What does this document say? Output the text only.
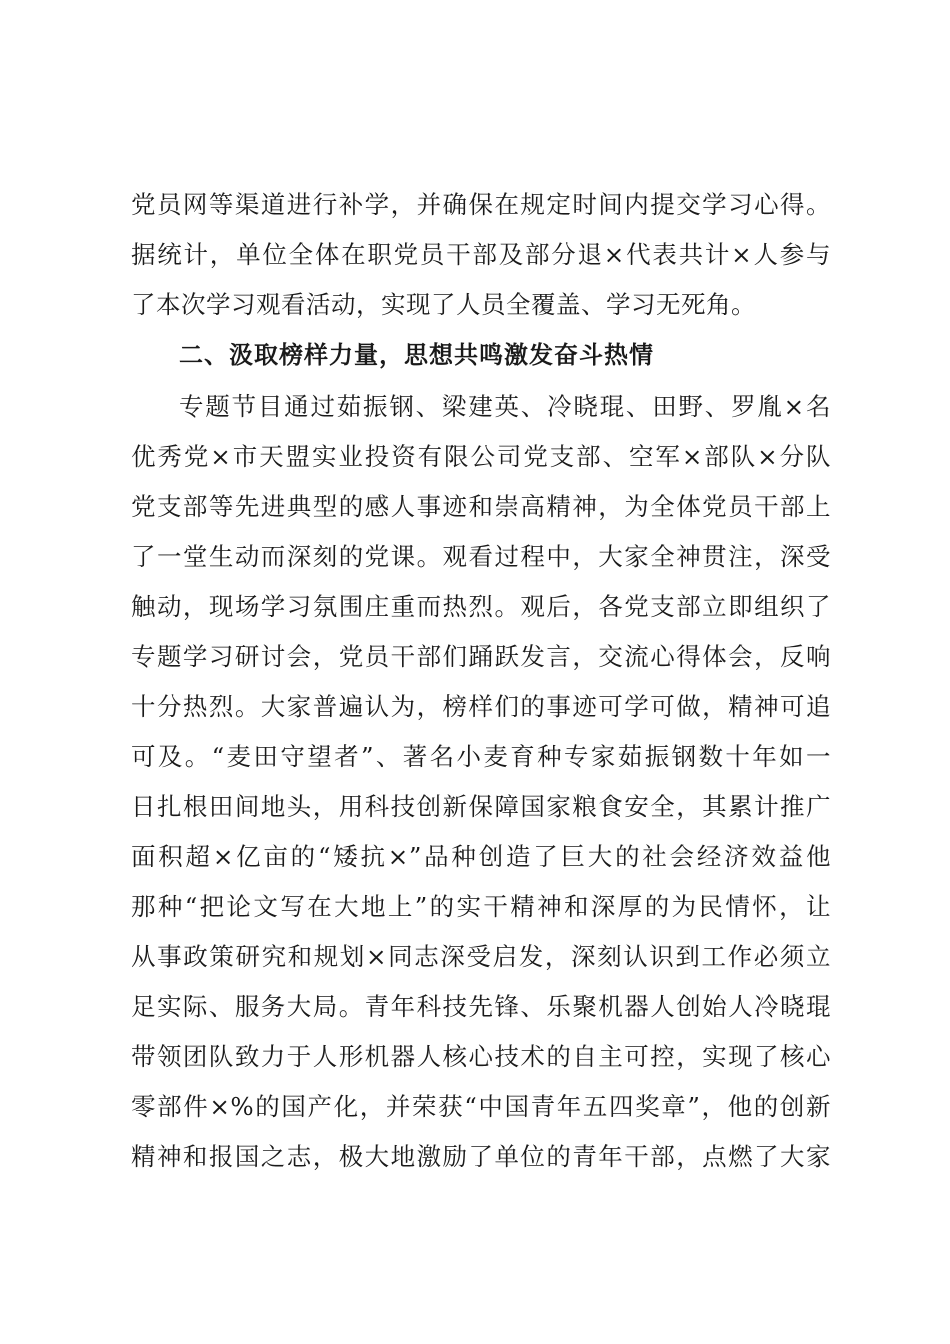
党员网等渠道进行补学，并确保在规定时间内提交学习心得。
据统计，单位全体在职党员干部及部分退×代表共计×人参与
了本次学习观看活动，实现了人员全覆盖、学习无死角。
二、汲取榜样力量，思想共鸣激发奋斗热情
专题节目通过茹振钢、梁建英、冷晓琨、田野、罗胤×名
优秀党×市天盟实业投资有限公司党支部、空军×部队×分队
党支部等先进典型的感人事迹和崇高精神，为全体党员干部上
了一堂生动而深刻的党课。观看过程中，大家全神贯注，深受
触动，现场学习氛围庄重而热烈。观后，各党支部立即组织了
专题学习研讨会，党员干部们踊跃发言，交流心得体会，反响
十分热烈。大家普遍认为，榜样们的事迹可学可做，精神可追
可及。“麦田守望者”、著名小麦育种专家茹振钢数十年如一
日扎根田间地头，用科技创新保障国家粮食安全，其累计推广
面积超×亿亩的“矮抗×”品种创造了巨大的社会经济效益他
那种“把论文写在大地上”的实干精神和深厚的为民情怀，让
从事政策研究和规划×同志深受启发，深刻认识到工作必须立
足实际、服务大局。青年科技先锋、乐聚机器人创始人冷晓琨
带领团队致力于人形机器人核心技术的自主可控，实现了核心
零部件×%的国产化，并荣获“中国青年五四奖章”，他的创新
精神和报国之志，极大地激励了单位的青年干部，点燃了大家
